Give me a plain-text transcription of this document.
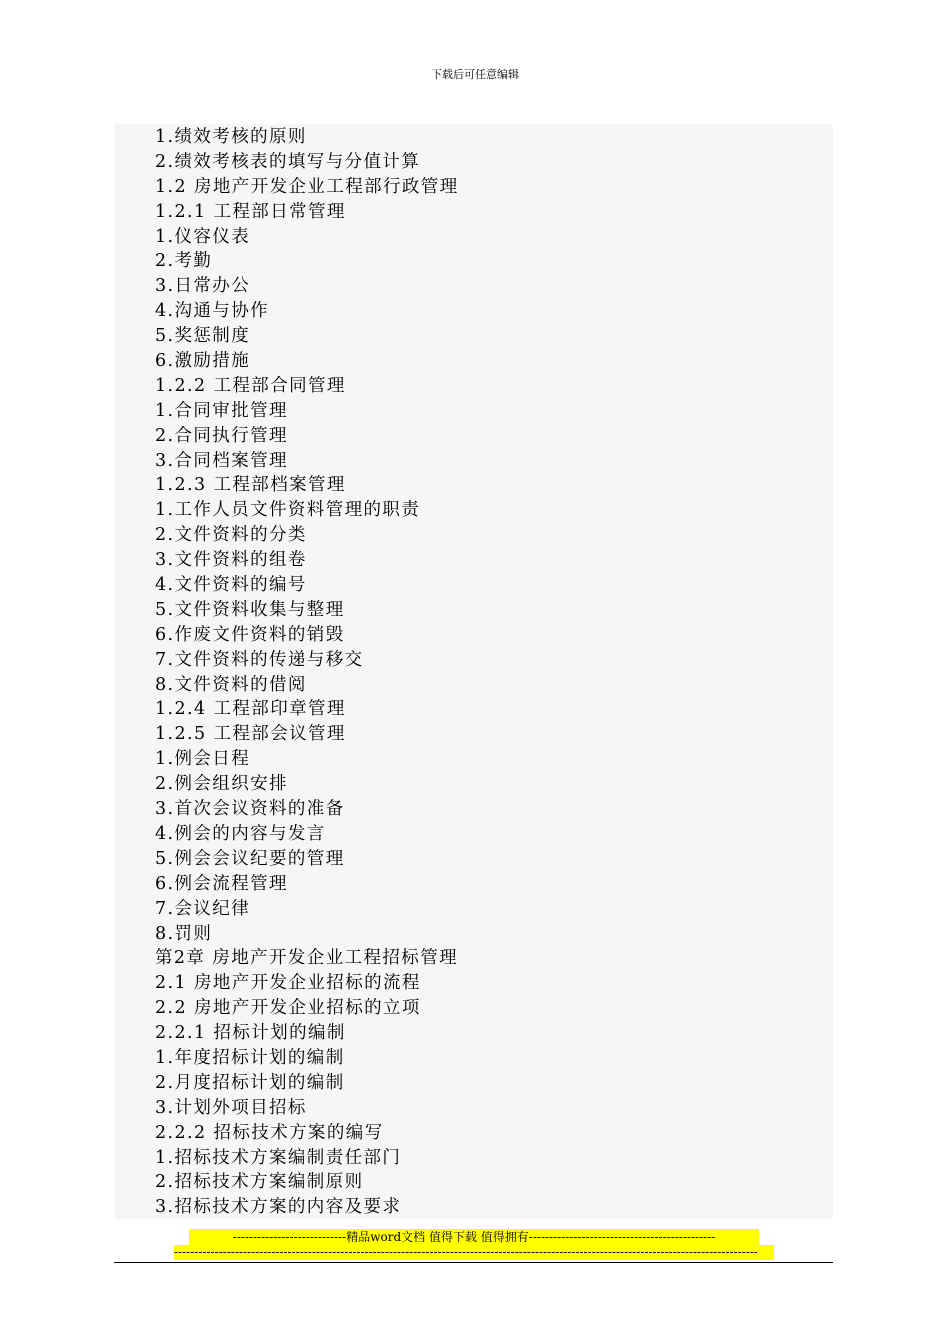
下载后可任意编辑
1.绩效考核的原则
2.绩效考核表的填写与分值计算
1.2 房地产开发企业工程部行政管理
1.2.1 工程部日常管理
1.仪容仪表
2.考勤
3.日常办公
4.沟通与协作
5.奖惩制度
6.激励措施
1.2.2 工程部合同管理
1.合同审批管理
2.合同执行管理
3.合同档案管理
1.2.3 工程部档案管理
1.工作人员文件资料管理的职责
2.文件资料的分类
3.文件资料的组卷
4.文件资料的编号
5.文件资料收集与整理
6.作废文件资料的销毁
7.文件资料的传递与移交
8.文件资料的借阅
1.2.4 工程部印章管理
1.2.5 工程部会议管理
1.例会日程
2.例会组织安排
3.首次会议资料的准备
4.例会的内容与发言
5.例会会议纪要的管理
6.例会流程管理
7.会议纪律
8.罚则
第2章 房地产开发企业工程招标管理
2.1 房地产开发企业招标的流程
2.2 房地产开发企业招标的立项
2.2.1 招标计划的编制
1.年度招标计划的编制
2.月度招标计划的编制
3.计划外项目招标
2.2.2 招标技术方案的编写
1.招标技术方案编制责任部门
2.招标技术方案编制原则
3.招标技术方案的内容及要求
----------------------------精品word文档 值得下载 值得拥有----------------------------------------------
------------------------------------------------------------------------------------------------------------------------------------------------
